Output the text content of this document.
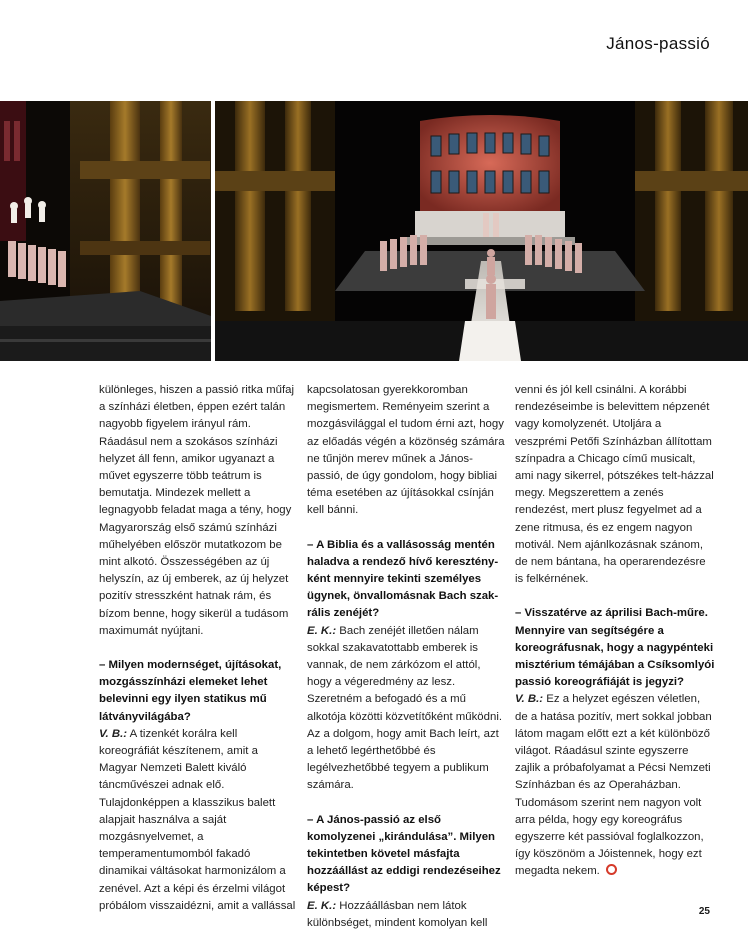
János-passió

különleges, hiszen a passió ritka műfaj a színházi életben, éppen ezért talán nagyobb figyelem irányul rám. Ráadásul nem a szokásos színházi helyzet áll fenn, amikor ugyanazt a művet egyszerre több teátrum is bemutatja. Mindezek mellett a legnagyobb feladat maga a tény, hogy Magyarország első számú színházi műhelyében először mutatkozom be mint alkotó. Összességében az új helyszín, az új emberek, az új helyzet pozitív stresszként hatnak rám, és bízom benne, hogy sikerül a tudásom maximumát nyújtani.

– Milyen modernséget, újításokat, mozgásszínházi elemeket lehet belevinni egy ilyen statikus mű látványvilágába?

V. B.: A tizenkét korálra kell koreográfiát készítenem, amit a Magyar Nemzeti Balett kiváló táncművészei adnak elő. Tulajdonképpen a klasszikus balett alapjait használva a saját mozgásnyelvemet, a temperamentumomból fakadó dinamikai váltásokat harmonizálom a zenével. Azt a képi és érzelmi világot próbálom visszaidézni, amit a vallással

kapcsolatosan gyerekkoromban megismertem. Reményeim szerint a mozgásvilággal el tudom érni azt, hogy az előadás végén a közönség számára ne tűnjön merev műnek a János-passió, de úgy gondolom, hogy bibliai téma esetében az újításokkal csínján kell bánni.

– A Biblia és a vallásosság mentén haladva a rendező hívő keresztény-ként mennyire tekinti személyes ügynek, önvallomásnak Bach szak-rális zenéjét?

E. K.: Bach zenéjét illetően nálam sokkal szakavatottabb emberek is vannak, de nem zárkózom el attól, hogy a végeredmény az lesz. Szeretném a befogadó és a mű alkotója közötti közvetítőként működni. Az a dolgom, hogy amit Bach leírt, azt a lehető legérthetőbbé és legélvezhetőbbé tegyem a publikum számára.

– A János-passió az első komolyzenei „kirándulása”. Milyen tekintetben követel másfajta hozzáállást az eddigi rendezéseihez képest?

E. K.: Hozzáállásban nem látok különbséget, mindent komolyan kell

venni és jól kell csinálni. A korábbi rendezéseimbe is belevittem népzenét vagy komolyzenét. Utoljára a veszprémi Petőfi Színházban állítottam színpadra a Chicago című musicalt, ami nagy sikerrel, pótszékes telt-házzal megy. Megszerettem a zenés rendezést, mert plusz fegyelmet ad a zene ritmusa, és ez engem nagyon motivál. Nem ajánlkozásnak szánom, de nem bántana, ha operarendezésre is felkérnének.

– Visszatérve az áprilisi Bach-műre. Mennyire van segítségére a koreográfusnak, hogy a nagypénteki misztérium témájában a Csíksomlyói passió koreográfiáját is jegyzi?

V. B.: Ez a helyzet egészen véletlen, de a hatása pozitív, mert sokkal jobban látom magam előtt ezt a két különböző világot. Ráadásul szinte egyszerre zajlik a próbafolyamat a Pécsi Nemzeti Színházban és az Operaházban. Tudomásom szerint nem nagyon volt arra példa, hogy egy koreográfus egyszerre két passióval foglalkozzon, így köszönöm a Jóistennek, hogy ezt megadta nekem.

25
